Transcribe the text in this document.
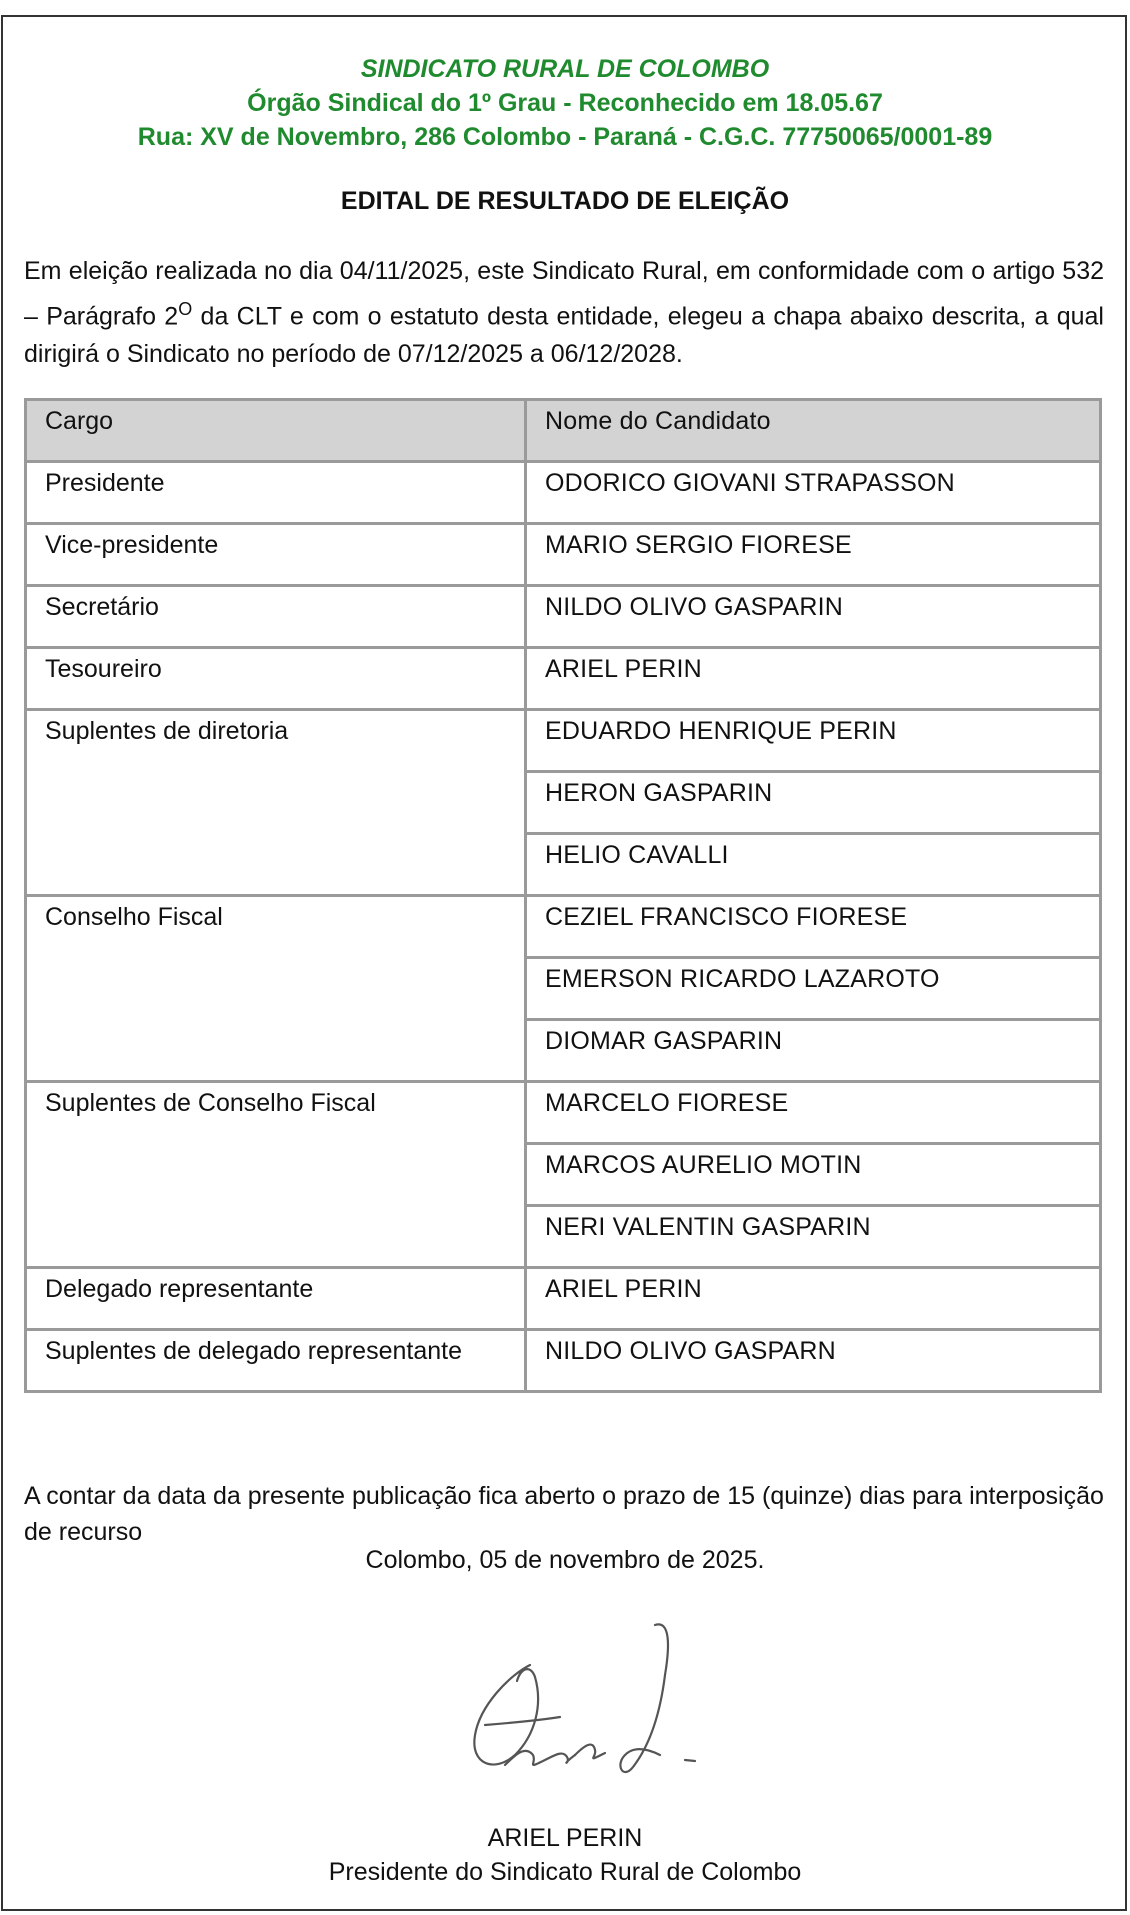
SINDICATO RURAL DE COLOMBO
Órgão Sindical do 1º Grau - Reconhecido em 18.05.67
Rua: XV de Novembro, 286 Colombo - Paraná - C.G.C. 77750065/0001-89
EDITAL DE RESULTADO DE ELEIÇÃO
Em eleição realizada no dia 04/11/2025, este Sindicato Rural, em conformidade com o artigo 532 – Parágrafo $2^O$ da CLT e com o estatuto desta entidade, elegeu a chapa abaixo descrita, a qual dirigirá o Sindicato no período de 07/12/2025 a 06/12/2028.
Cargo	Nome do Candidato

Presidente	ODORICO GIOVANI STRAPASSON

Vice-presidente	MARIO SERGIO FIORESE

Secretário	NILDO OLIVO GASPARIN

Tesoureiro	ARIEL PERIN

Suplentes de diretoria	EDUARDO HENRIQUE PERIN

	HERON GASPARIN

	HELIO CAVALLI

Conselho Fiscal	CEZIEL FRANCISCO FIORESE

	EMERSON RICARDO LAZAROTO

	DIOMAR GASPARIN

Suplentes de Conselho Fiscal	MARCELO FIORESE

	MARCOS AURELIO MOTIN

	NERI VALENTIN GASPARIN

Delegado representante	ARIEL PERIN

Suplentes de delegado representante	NILDO OLIVO GASPARN
A contar da data da presente publicação fica aberto o prazo de 15 (quinze) dias para interposição de recurso
Colombo, 05 de novembro de 2025.
ARIEL PERIN
Presidente do Sindicato Rural de Colombo
